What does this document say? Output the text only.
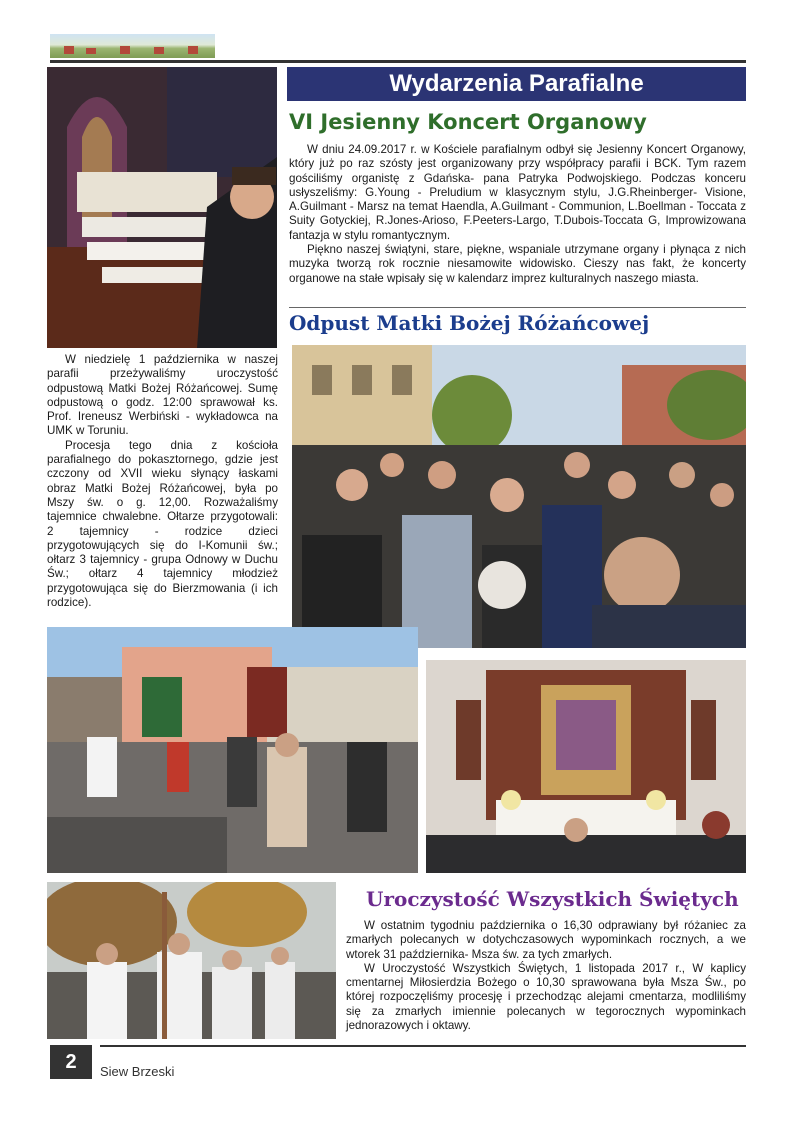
Wydarzenia Parafialne
VI Jesienny Koncert Organowy

W dniu 24.09.2017 r. w Kościele parafialnym odbył się Jesienny Koncert Organowy, który już po raz szósty jest organizowany przy współpracy parafii i BCK. Tym razem gościliśmy organistę z Gdańska- pana Patryka Podwojskiego. Podczas konceru usłyszeliśmy: G.Young - Preludium w klasycznym stylu, J.G.Rheinberger- Visione, A.Guilmant - Marsz na temat Haendla, A.Guilmant - Communion, L.Boellman - Toccata z Suity Gotyckiej, R.Jones-Arioso, F.Peeters-Largo, T.Dubois-Toccata G, Improwizowana fantazja w stylu romantycznym.

Piękno naszej świątyni, stare, piękne, wspaniale utrzymane organy i płynąca z nich muzyka tworzą rok rocznie niesamowite widowisko. Cieszy nas fakt, że koncerty organowe na stałe wpisały się w kalendarz imprez kulturalnych naszego miasta.

Odpust Matki Bożej Różańcowej

W niedzielę 1 października w naszej parafii przeżywaliśmy uroczystość odpustową Matki Bożej Różańcowej. Sumę odpustową o godz. 12:00 sprawował ks. Prof. Ireneusz Werbiński - wykładowca na UMK w Toruniu.

Procesja tego dnia z kościoła parafialnego do pokasztornego, gdzie jest czczony od XVII wieku słynący łaskami obraz Matki Bożej Różańcowej, była po Mszy św. o g. 12,00. Rozważaliśmy tajemnice chwalebne. Ołtarze przygotowali: 2 tajemnicy - rodzice dzieci przygotowujących się do I-Komunii św.; ołtarz 3 tajemnicy - grupa Odnowy w Duchu Św.; ołtarz 4 tajemnicy młodzież przygotowująca się do Bierzmowania (i ich rodzice).

Uroczystość Wszystkich Świętych

W ostatnim tygodniu października o 16,30 odprawiany był różaniec za zmarłych polecanych w dotychczasowych wypominkach rocznych, a we wtorek 31 października- Msza św. za tych zmarłych.

W Uroczystość Wszystkich Świętych, 1 listopada 2017 r., W kaplicy cmentarnej Miłosierdzia Bożego o 10,30 sprawowana była Msza Św., po której rozpoczęliśmy procesję i przechodząc alejami cmentarza, modliliśmy się za zmarłych imiennie polecanych w tegorocznych wypominkach jednorazowych i oktawy.

2	Siew Brzeski
